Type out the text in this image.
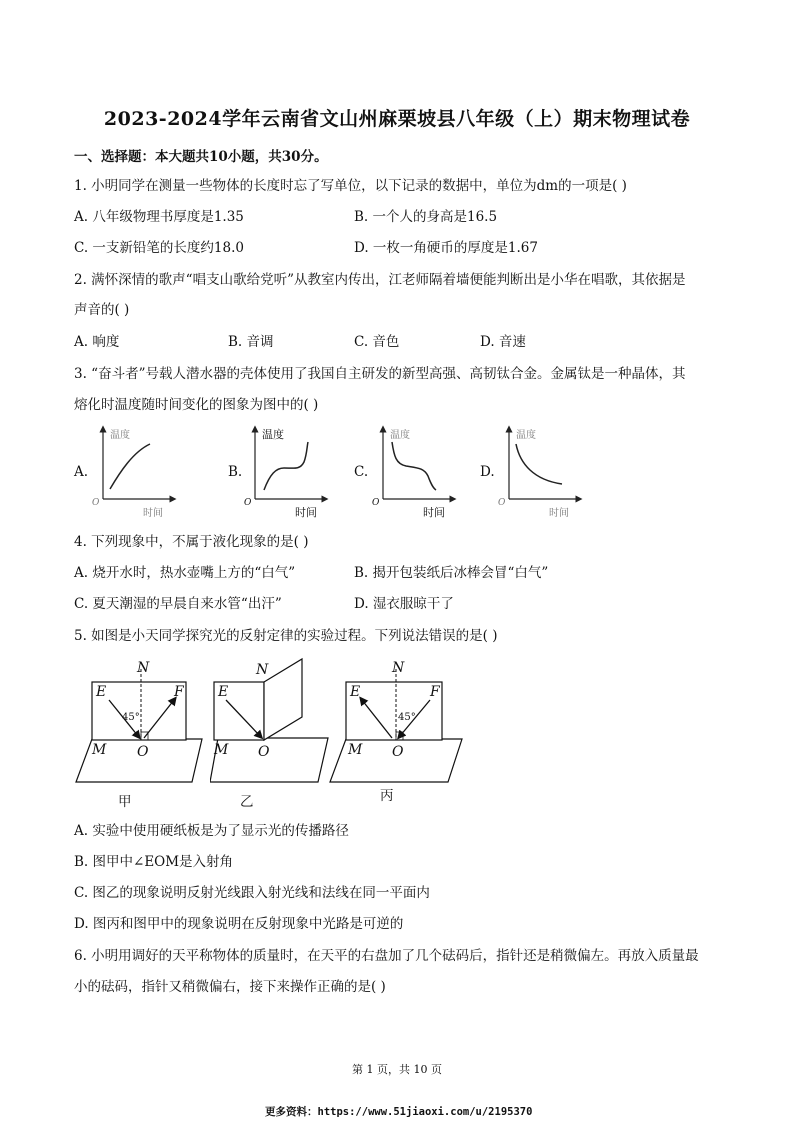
2023-2024学年云南省文山州麻栗坡县八年级（上）期末物理试卷
一、选择题：本大题共10小题，共30分。
1. 小明同学在测量一些物体的长度时忘了写单位，以下记录的数据中，单位为dm的一项是( )
A. 八年级物理书厚度是1.35	B. 一个人的身高是16.5
C. 一支新铅笔的长度约18.0	D. 一枚一角硬币的厚度是1.67
2. 满怀深情的歌声“唱支山歌给党听”从教室内传出，江老师隔着墙便能判断出是小华在唱歌，其依据是
声音的( )
A. 响度	B. 音调	C. 音色	D. 音速
3. “奋斗者”号载人潜水器的壳体使用了我国自主研发的新型高强、高韧钛合金。金属钛是一种晶体，其
熔化时温度随时间变化的图象为图中的( )
A.	B.	C.	D.
温度
时间
O
温度
时间
O
温度
时间
O
温度
时间
O
4. 下列现象中，不属于液化现象的是( )
A. 烧开水时，热水壶嘴上方的“白气”	B. 揭开包装纸后冰棒会冒“白气”
C. 夏天潮湿的早晨自来水管“出汗”	D. 湿衣服晾干了
5. 如图是小天同学探究光的反射定律的实验过程。下列说法错误的是( )
N
E	F
45°
M O
甲
N
E
M O
乙
N
E	F
45°
M O
丙
A. 实验中使用硬纸板是为了显示光的传播路径
B. 图甲中∠EOM是入射角
C. 图乙的现象说明反射光线跟入射光线和法线在同一平面内
D. 图丙和图甲中的现象说明在反射现象中光路是可逆的
6. 小明用调好的天平称物体的质量时，在天平的右盘加了几个砝码后，指针还是稍微偏左。再放入质量最
小的砝码，指针又稍微偏右，接下来操作正确的是( )
第 1 页，共 10 页
更多资料：https://www.51jiaoxi.com/u/2195370
